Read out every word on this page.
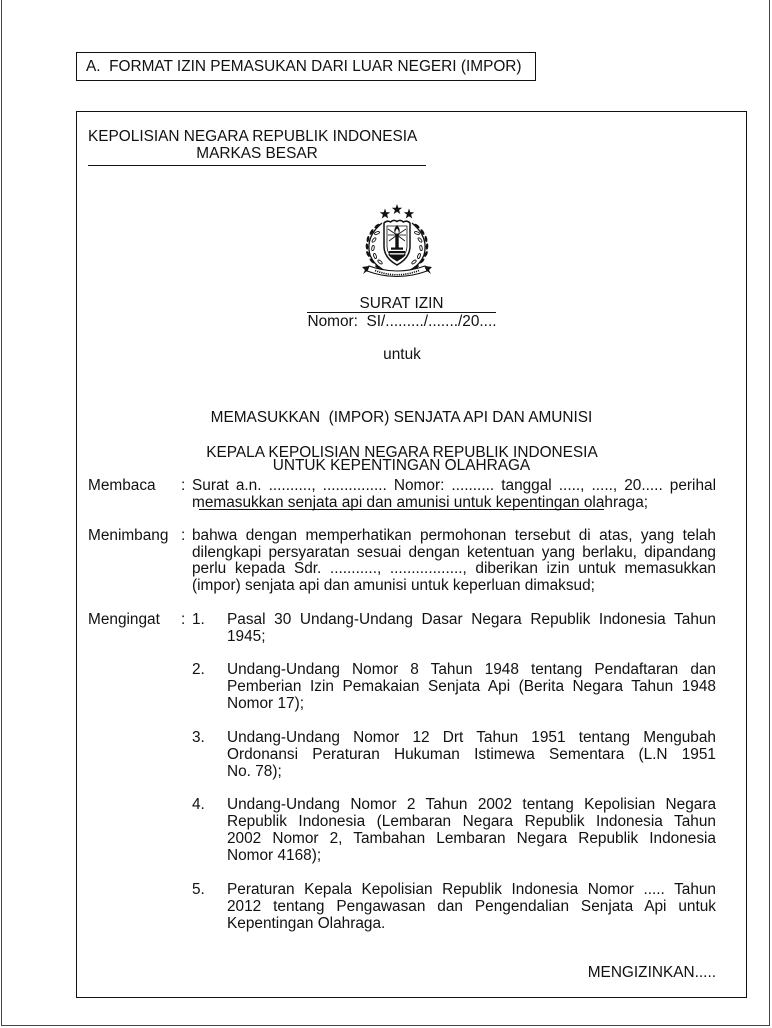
A.  FORMAT IZIN PEMASUKAN DARI LUAR NEGERI (IMPOR)
KEPOLISIAN NEGARA REPUBLIK INDONESIA
MARKAS BESAR
SURAT IZIN
Nomor:  SI/........./......./20....
untuk

MEMASUKKAN  (IMPOR) SENJATA API DAN AMUNISI

UNTUK KEPENTINGAN OLAHRAGA

KEPALA KEPOLISIAN NEGARA REPUBLIK INDONESIA
Membaca : Surat a.n. .........., ............... Nomor: .......... tanggal ....., ....., 20..... perihal
memasukkan senjata api dan amunisi untuk kepentingan olahraga;
Menimbang : bahwa dengan memperhatikan permohonan tersebut di atas, yang telah
dilengkapi persyaratan sesuai dengan ketentuan yang berlaku, dipandang
perlu kepada Sdr. ..........., ................., diberikan izin untuk memasukkan
(impor) senjata api dan amunisi untuk keperluan dimaksud;
Mengingat : 1. Pasal 30 Undang-Undang Dasar Negara Republik Indonesia Tahun
1945;
2. Undang-Undang Nomor 8 Tahun 1948 tentang Pendaftaran dan
Pemberian Izin Pemakaian Senjata Api (Berita Negara Tahun 1948
Nomor 17);
3. Undang-Undang Nomor 12 Drt Tahun 1951 tentang Mengubah
Ordonansi Peraturan Hukuman Istimewa Sementara (L.N 1951
No. 78);
4. Undang-Undang Nomor 2 Tahun 2002 tentang Kepolisian Negara
Republik Indonesia (Lembaran Negara Republik Indonesia Tahun
2002 Nomor 2, Tambahan Lembaran Negara Republik Indonesia
Nomor 4168);
5. Peraturan Kepala Kepolisian Republik Indonesia Nomor ..... Tahun
2012 tentang Pengawasan dan Pengendalian Senjata Api untuk
Kepentingan Olahraga.
MENGIZINKAN.....
